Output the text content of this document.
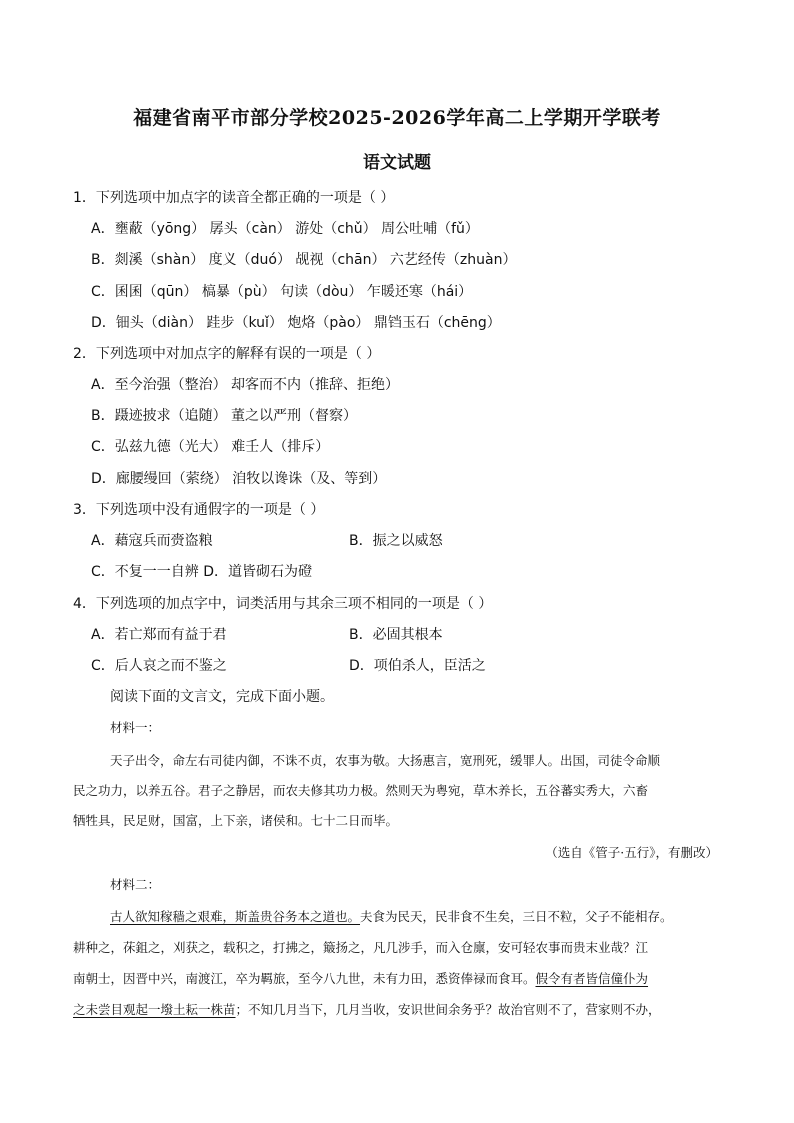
福建省南平市部分学校2025-2026学年高二上学期开学联考
语文试题
1．下列选项中加点字的读音全都正确的一项是（ ）
A．壅蔽（yōng） 孱头（càn） 游处（chǔ） 周公吐哺（fǔ）
B．剡溪（shàn） 度义（duó） 觇视（chān） 六艺经传（zhuàn）
C．囷囷（qūn） 槁暴（pù） 句读（dòu） 乍暖还寒（hái）
D．钿头（diàn） 跬步（kuǐ） 炮烙（pào） 鼎铛玉石（chēng）
2．下列选项中对加点字的解释有误的一项是（ ）
A．至今治强（整治） 却客而不内（推辞、拒绝）
B．蹑迹披求（追随） 董之以严刑（督察）
C．弘兹九德（光大） 难壬人（排斥）
D．廊腰缦回（萦绕） 洎牧以谗诛（及、等到）
3．下列选项中没有通假字的一项是（ ）
A．藉寇兵而赍盗粮	B．振之以威怒
C．不复一一自辨 D．道皆砌石为磴
4．下列选项的加点字中，词类活用与其余三项不相同的一项是（ ）
A．若亡郑而有益于君	B．必固其根本
C．后人哀之而不鉴之	D．项伯杀人，臣活之
阅读下面的文言文，完成下面小题。
材料一：
天子出令，命左右司徒内御，不诛不贞，农事为敬。大扬惠言，宽刑死，缓罪人。出国，司徒令命顺
民之功力，以养五谷。君子之静居，而农夫修其功力极。然则天为粤宛，草木养长，五谷蕃实秀大，六畜
牺牲具，民足财，国富，上下亲，诸侯和。七十二日而毕。
（选自《管子·五行》，有删改）
材料二：
古人欲知稼穑之艰难，斯盖贵谷务本之道也。夫食为民天，民非食不生矣，三日不粒，父子不能相存。
耕种之，茠鉏之，刈获之，载积之，打拂之，簸扬之，凡几涉手，而入仓廪，安可轻农事而贵末业哉？江
南朝士，因晋中兴，南渡江，卒为羁旅，至今八九世，未有力田，悉资俸禄而食耳。假令有者皆信僮仆为
之未尝目观起一墢土耘一株苗；不知几月当下，几月当收，安识世间余务乎？故治官则不了，营家则不办，
